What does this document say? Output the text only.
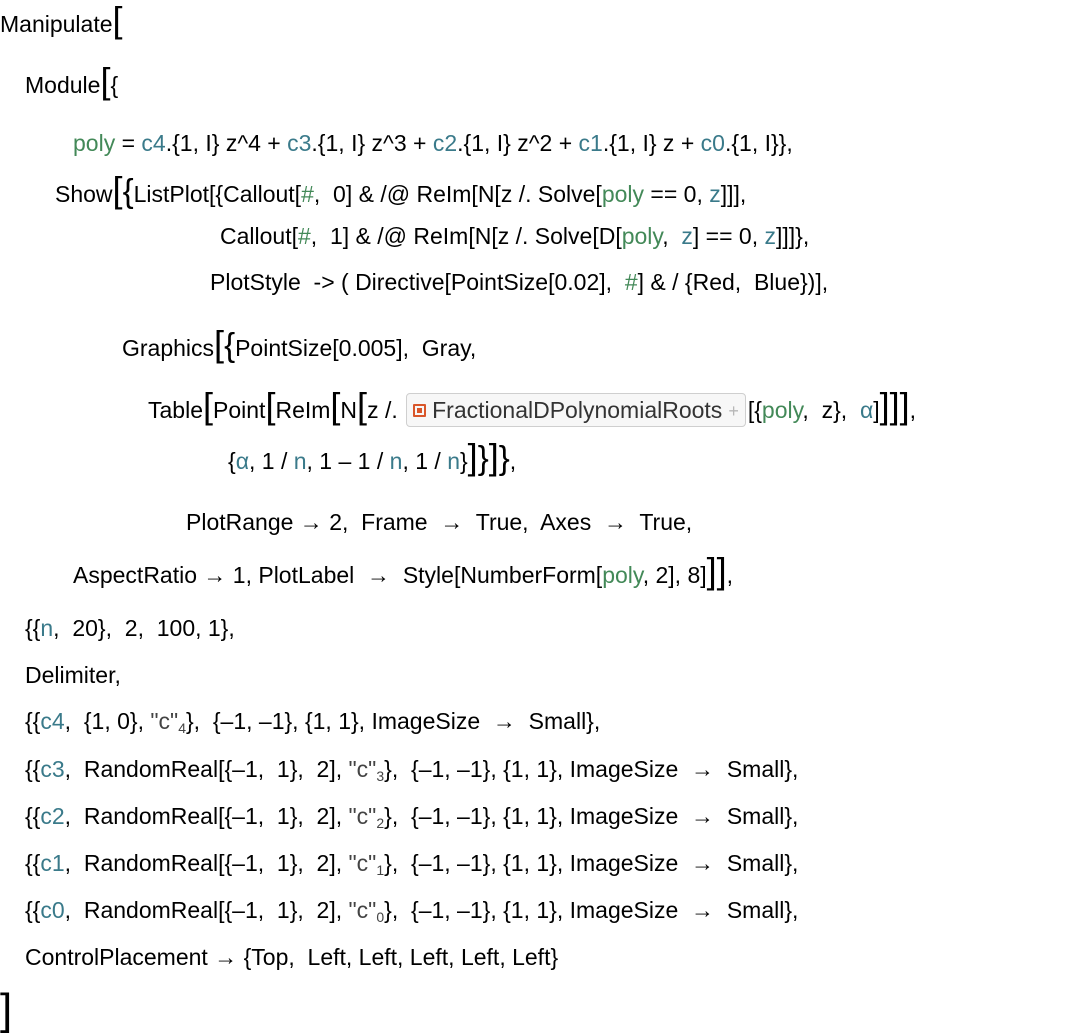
Manipulate[
Module[{
poly = c4.{1, I} z^4 + c3.{1, I} z^3 + c2.{1, I} z^2 + c1.{1, I} z + c0.{1, I}},
Show[{ListPlot[{Callout[#,  0] & /@ ReIm[N[z /. Solve[poly == 0, z]]],
Callout[#,  1] & /@ ReIm[N[z /. Solve[D[poly,  z] == 0, z]]]},
PlotStyle  -> ( Directive[PointSize[0.02],  #] & / {Red,  Blue})],
Graphics[{PointSize[0.005],  Gray,
Table[Point[ReIm[N[z /. FractionalDPolynomialRoots + [{poly,  z},  α]]]],
{α, 1 / n, 1 – 1 / n, 1 / n}]}]},
PlotRange → 2,  Frame  →  True,  Axes  →  True,
AspectRatio → 1, PlotLabel  →  Style[NumberForm[poly, 2], 8]]],
{{n,  20},  2,  100, 1},
Delimiter,
{{c4,  {1, 0}, "c"4},  {–1, –1}, {1, 1}, ImageSize  →  Small},
{{c3,  RandomReal[{–1,  1},  2], "c"3},  {–1, –1}, {1, 1}, ImageSize  →  Small},
{{c2,  RandomReal[{–1,  1},  2], "c"2},  {–1, –1}, {1, 1}, ImageSize  →  Small},
{{c1,  RandomReal[{–1,  1},  2], "c"1},  {–1, –1}, {1, 1}, ImageSize  →  Small},
{{c0,  RandomReal[{–1,  1},  2], "c"0},  {–1, –1}, {1, 1}, ImageSize  →  Small},
ControlPlacement → {Top,  Left, Left, Left, Left, Left}
]
